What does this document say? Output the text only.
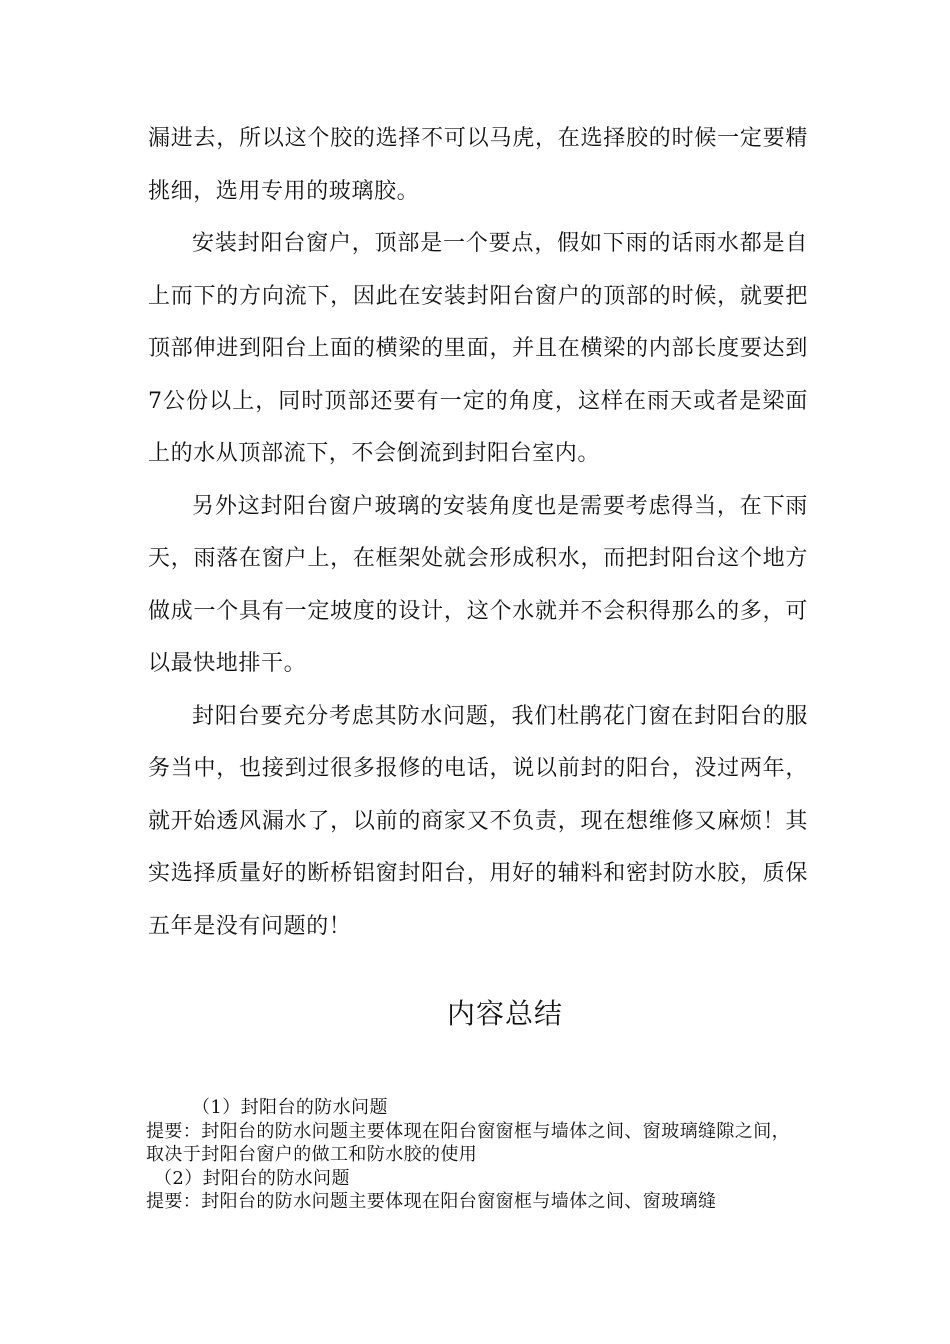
漏进去，所以这个胶的选择不可以马虎，在选择胶的时候一定要精挑细，选用专用的玻璃胶。

安装封阳台窗户，顶部是一个要点，假如下雨的话雨水都是自上而下的方向流下，因此在安装封阳台窗户的顶部的时候，就要把顶部伸进到阳台上面的横梁的里面，并且在横梁的内部长度要达到7公份以上，同时顶部还要有一定的角度，这样在雨天或者是梁面上的水从顶部流下，不会倒流到封阳台室内。

另外这封阳台窗户玻璃的安装角度也是需要考虑得当，在下雨天，雨落在窗户上，在框架处就会形成积水，而把封阳台这个地方做成一个具有一定坡度的设计，这个水就并不会积得那么的多，可以最快地排干。

封阳台要充分考虑其防水问题，我们杜鹃花门窗在封阳台的服务当中，也接到过很多报修的电话，说以前封的阳台，没过两年，就开始透风漏水了，以前的商家又不负责，现在想维修又麻烦！其实选择质量好的断桥铝窗封阳台，用好的辅料和密封防水胶，质保五年是没有问题的！

内容总结

（1）封阳台的防水问题

提要：封阳台的防水问题主要体现在阳台窗窗框与墙体之间、窗玻璃缝隙之间，取决于封阳台窗户的做工和防水胶的使用

（2）封阳台的防水问题

提要：封阳台的防水问题主要体现在阳台窗窗框与墙体之间、窗玻璃缝
